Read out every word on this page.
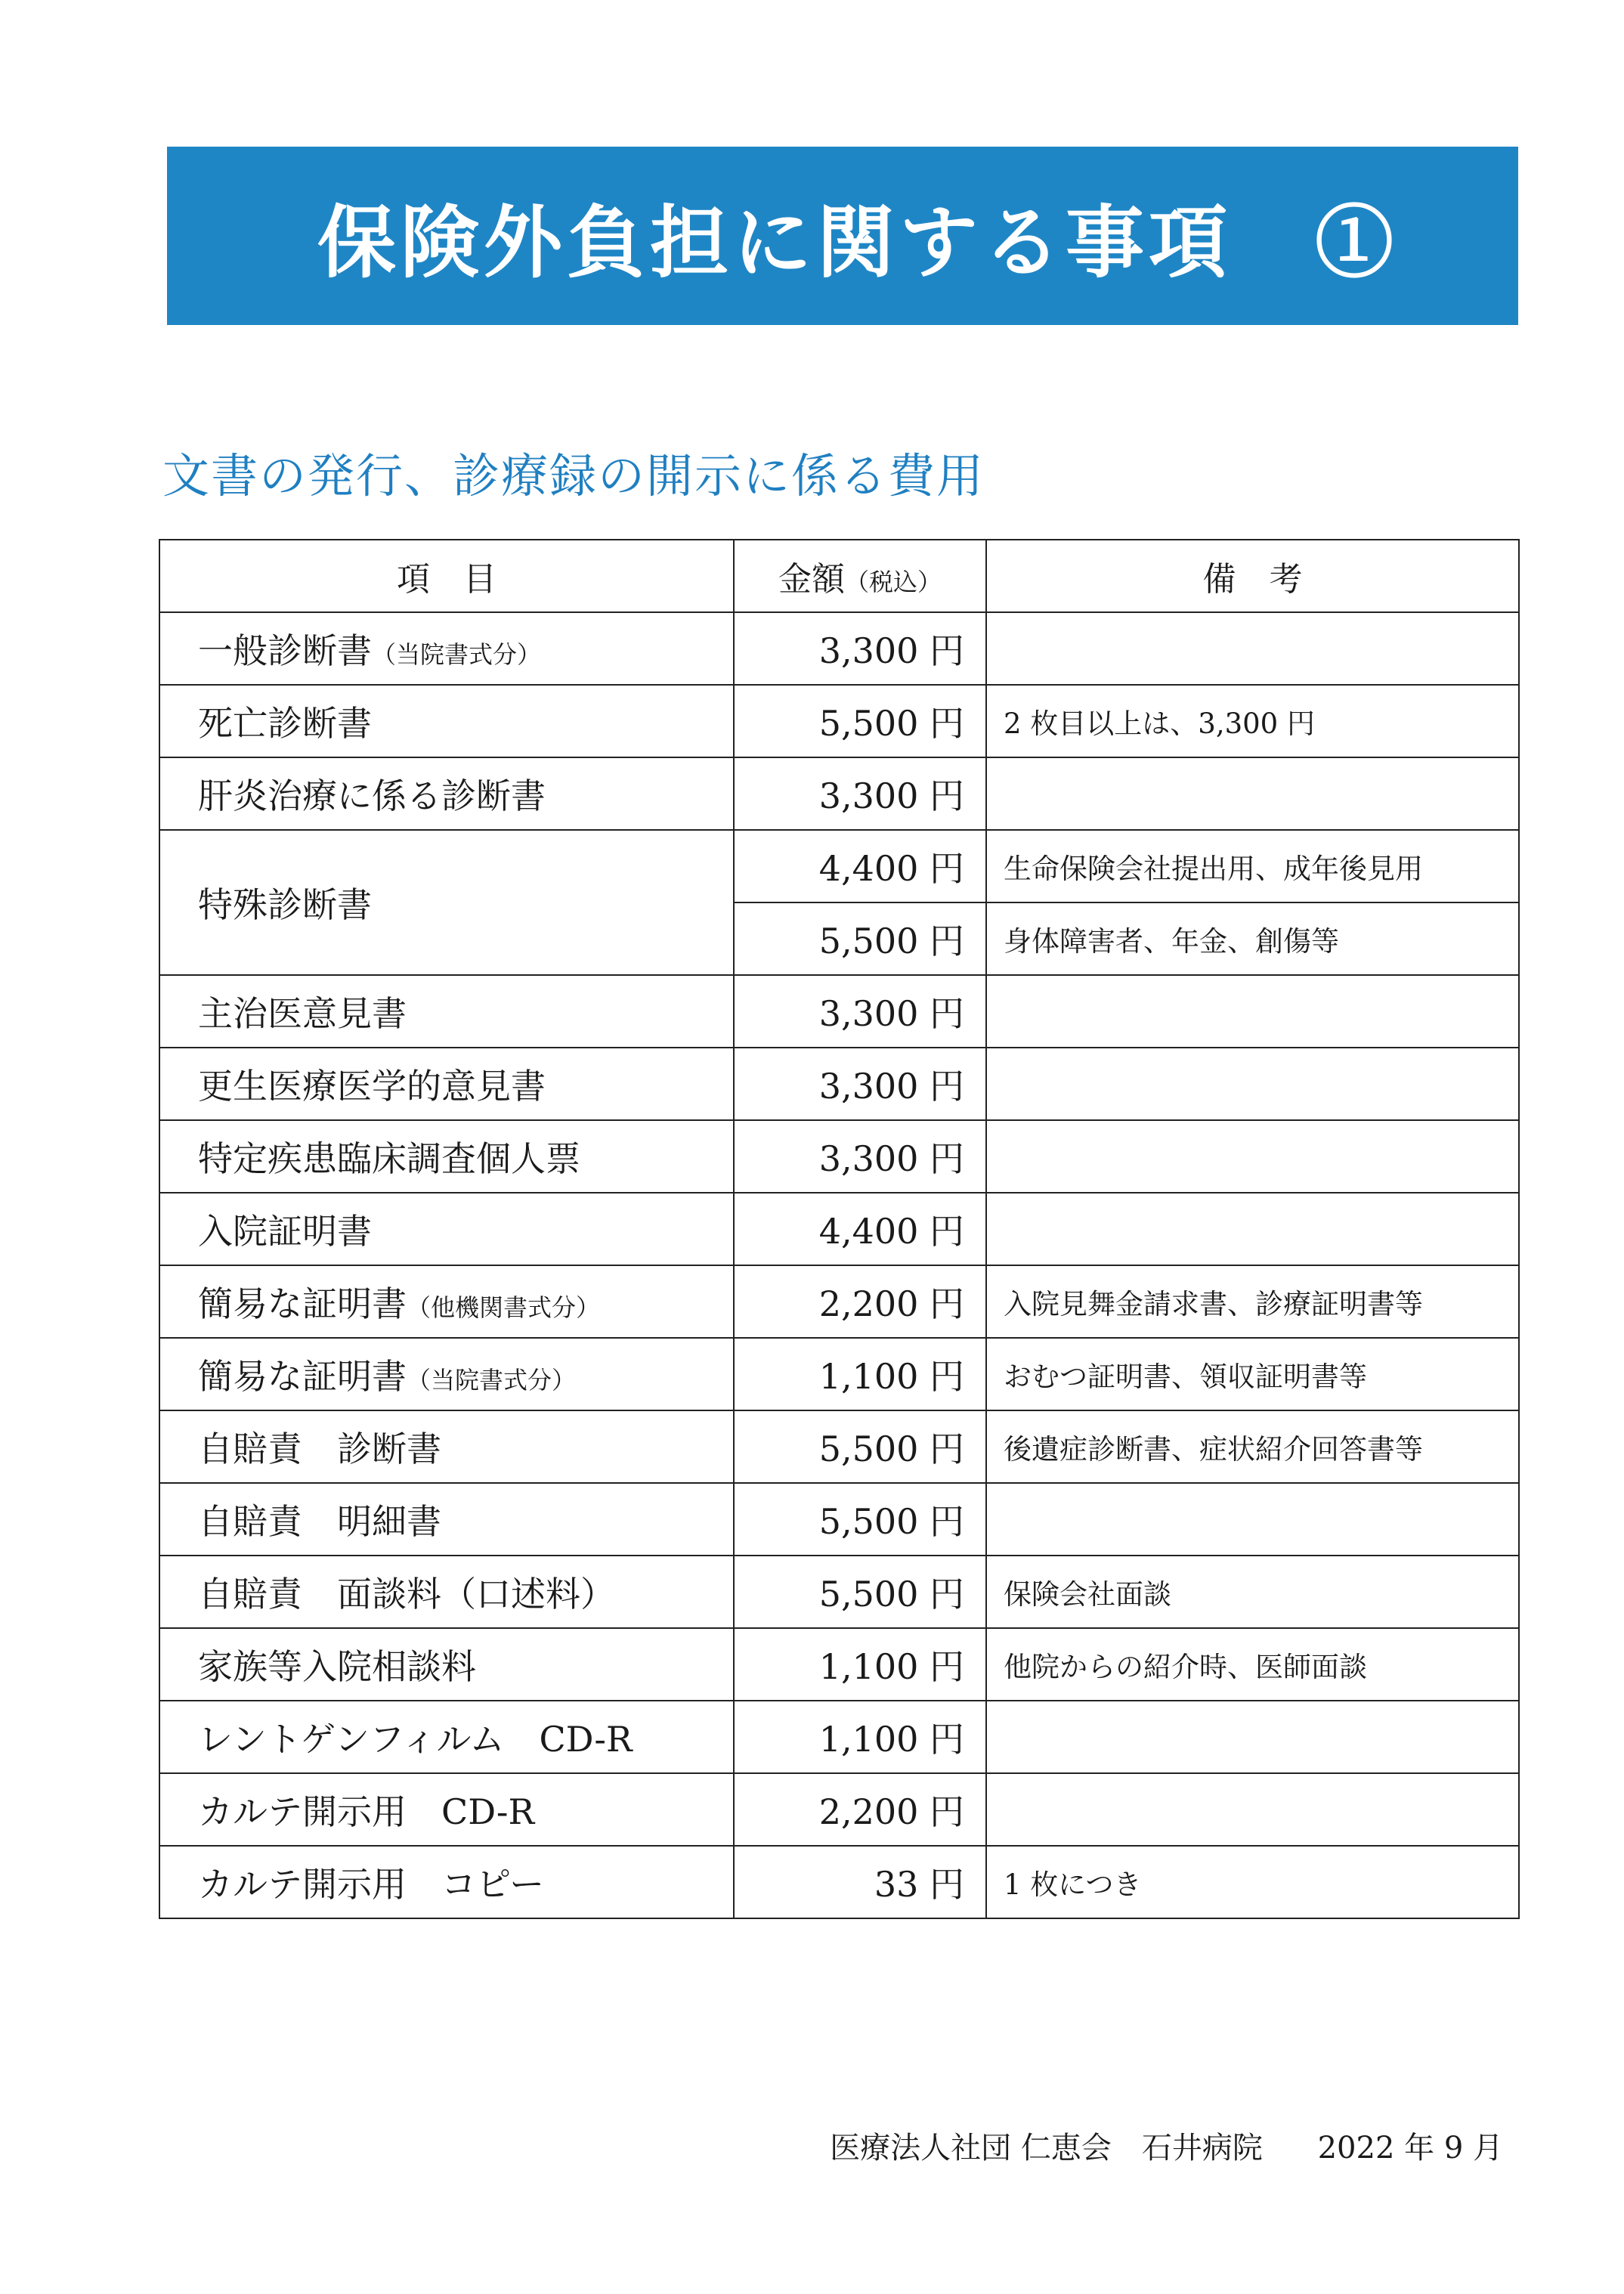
保険外負担に関する事項　①
文書の発行、診療録の開示に係る費用
項　目	金額（税込）	備　考
一般診断書（当院書式分）	3,300 円	
死亡診断書	5,500 円	2 枚目以上は、3,300 円
肝炎治療に係る診断書	3,300 円	
特殊診断書	4,400 円	生命保険会社提出用、成年後見用
	5,500 円	身体障害者、年金、創傷等
主治医意見書	3,300 円	
更生医療医学的意見書	3,300 円	
特定疾患臨床調査個人票	3,300 円	
入院証明書	4,400 円	
簡易な証明書（他機関書式分）	2,200 円	入院見舞金請求書、診療証明書等
簡易な証明書（当院書式分）	1,100 円	おむつ証明書、領収証明書等
自賠責　診断書	5,500 円	後遺症診断書、症状紹介回答書等
自賠責　明細書	5,500 円	
自賠責　面談料（口述料）	5,500 円	保険会社面談
家族等入院相談料	1,100 円	他院からの紹介時、医師面談
レントゲンフィルム　CD-R	1,100 円	
カルテ開示用　CD-R	2,200 円	
カルテ開示用　コピー	33 円	1 枚につき
医療法人社団 仁恵会　石井病院 2022 年 9 月
